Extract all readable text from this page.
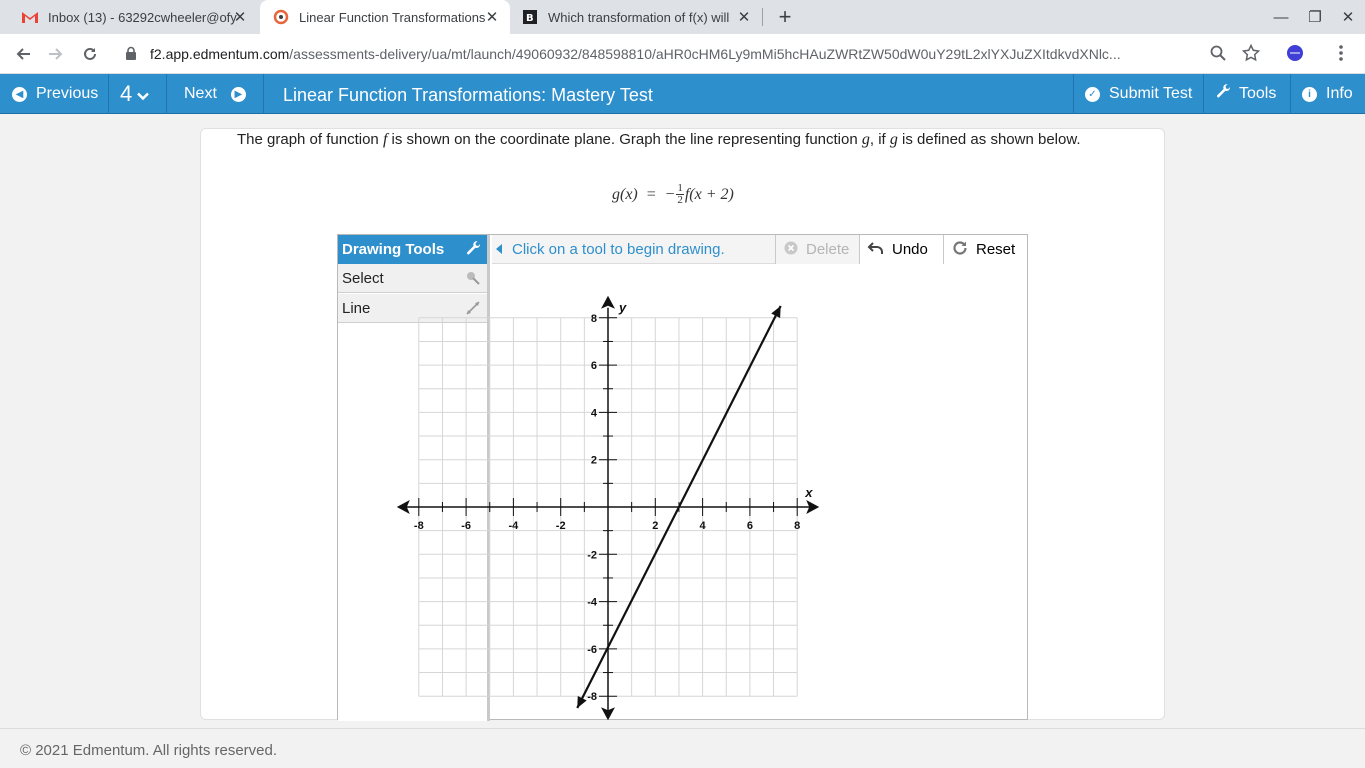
Inbox (13) - 63292cwheeler@ofy
✕	Linear Function Transformations ✕	B Which transformation of f(x) will ✕ +	—	❐	✕
f2.app.edmentum.com/assessments-delivery/ua/mt/launch/49060932/848598810/aHR0cHM6Ly9mMi5hcHAuZWRtZW50dW0uY29tL2xlYXJuZXItdkvdXNlc...
◀ Previous 4	Next	▶ Linear Function Transformations: Mastery Test	✓ Submit Test	Tools	i Info
The graph of function f is shown on the coordinate plane. Graph the line representing function g, if g is defined as shown below.
g(x)  =  − $\frac{1}{2} f(x + 2)$
Drawing Tools
Select
Line
Click on a tool to begin drawing.	Delete	Undo	Reset
-8	-6	-4	-2	2	4	6	8
8
6
4
2
-2
-4
-6
-8
x
y
© 2021 Edmentum. All rights reserved.
